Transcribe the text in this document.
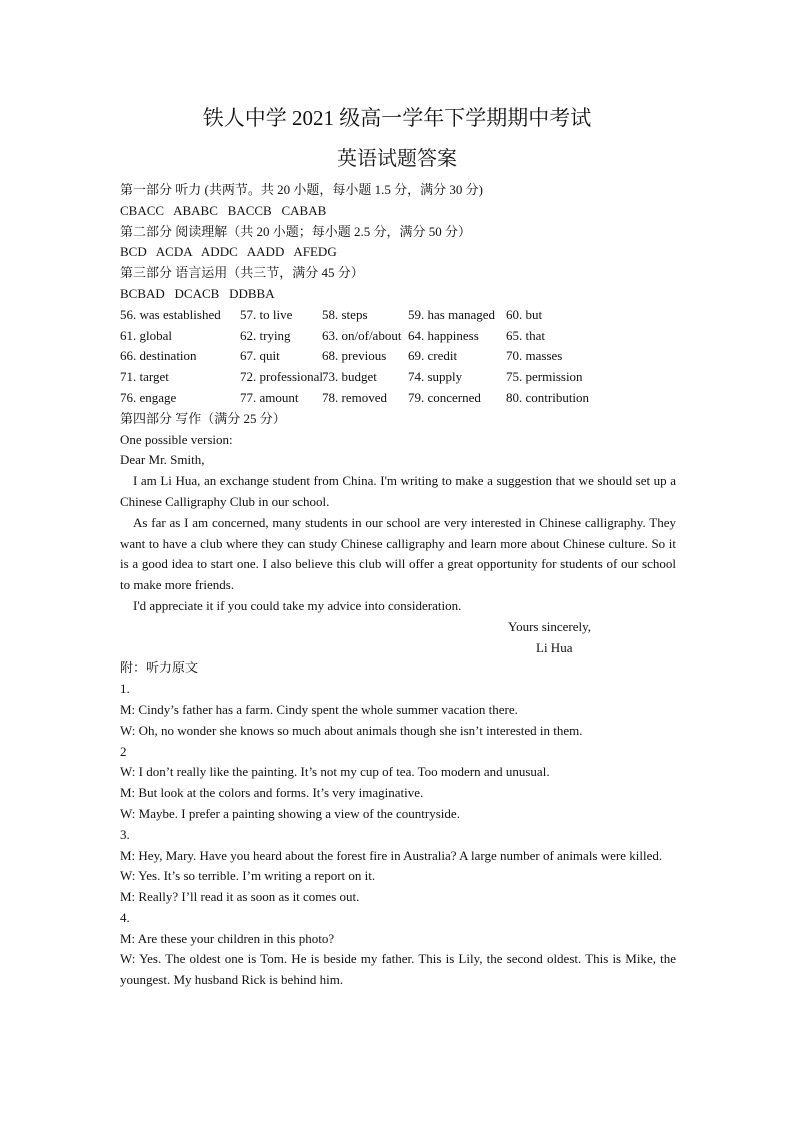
铁人中学 2021 级高一学年下学期期中考试
英语试题答案
第一部分 听力 (共两节。共 20 小题，每小题 1.5 分，满分 30 分)
CBACC   ABABC   BACCB   CABAB
第二部分 阅读理解（共 20 小题；每小题 2.5 分，满分 50 分）
BCD   ACDA   ADDC   AADD   AFEDG
第三部分 语言运用（共三节，满分 45 分）
BCBAD   DCACB   DDBBA
56. was established 57. to live 58. steps	59. has managed 60. but
61. global	62. trying 63. on/of/about 64. happiness 65. that
66. destination	67. quit	68. previous 69. credit	70. masses
71. target	72. professional73. budget 74. supply	75. permission
76. engage	77. amount 78. removed 79. concerned 80. contribution
第四部分 写作（满分 25 分）
One possible version:
Dear Mr. Smith,
I am Li Hua, an exchange student from China. I'm writing to make a suggestion that we should set up a Chinese Calligraphy Club in our school.
As far as I am concerned, many students in our school are very interested in Chinese calligraphy. They want to have a club where they can study Chinese calligraphy and learn more about Chinese culture. So it is a good idea to start one. I also believe this club will offer a great opportunity for students of our school to make more friends.
I'd appreciate it if you could take my advice into consideration.
Yours sincerely,
Li Hua
附：听力原文
1.
M: Cindy’s father has a farm. Cindy spent the whole summer vacation there.
W: Oh, no wonder she knows so much about animals though she isn’t interested in them.
2
W: I don’t really like the painting. It’s not my cup of tea. Too modern and unusual.
M: But look at the colors and forms. It’s very imaginative.
W: Maybe. I prefer a painting showing a view of the countryside.
3.
M: Hey, Mary. Have you heard about the forest fire in Australia? A large number of animals were killed.
W: Yes. It’s so terrible. I’m writing a report on it.
M: Really? I’ll read it as soon as it comes out.
4.
M: Are these your children in this photo?
W: Yes. The oldest one is Tom. He is beside my father. This is Lily, the second oldest. This is Mike, the youngest. My husband Rick is behind him.
